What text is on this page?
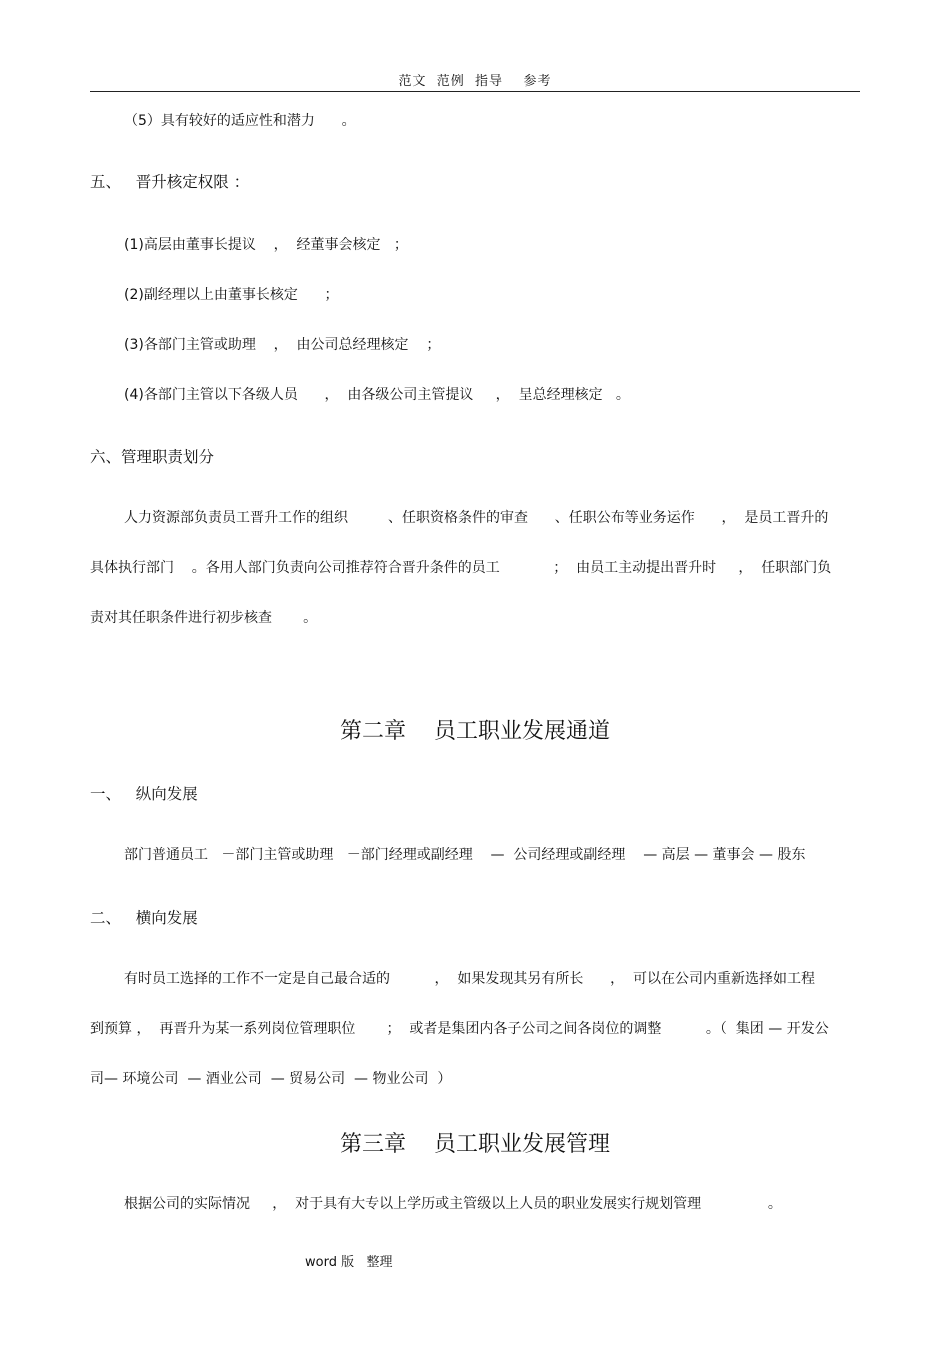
范文  范例  指导    参考
（5）具有较好的适应性和潜力      。
五、   晋升核定权限 ：
(1)高层由董事长提议    ，  经董事会核定   ；
(2)副经理以上由董事长核定      ；
(3)各部门主管或助理    ，  由公司总经理核定    ；
(4)各部门主管以下各级人员      ，  由各级公司主管提议     ，  呈总经理核定   。
六、管理职责划分
人力资源部负责员工晋升工作的组织         、任职资格条件的审查      、任职公布等业务运作      ，  是员工晋升的
具体执行部门    。各用人部门负责向公司推荐符合晋升条件的员工            ；  由员工主动提出晋升时     ，  任职部门负
责对其任职条件进行初步核查       。
第二章    员工职业发展通道
一、   纵向发展
部门普通员工   －部门主管或助理   －部门经理或副经理    —  公司经理或副经理    — 高层 — 董事会 — 股东
二、   横向发展
有时员工选择的工作不一定是自己最合适的          ，  如果发现其另有所长      ，  可以在公司内重新选择如工程
到预算 ，  再晋升为某一系列岗位管理职位       ；  或者是集团内各子公司之间各岗位的调整          。（  集团 — 开发公
司— 环境公司  — 酒业公司  — 贸易公司  — 物业公司  ）
第三章    员工职业发展管理
根据公司的实际情况     ，  对于具有大专以上学历或主管级以上人员的职业发展实行规划管理               。
word 版   整理
